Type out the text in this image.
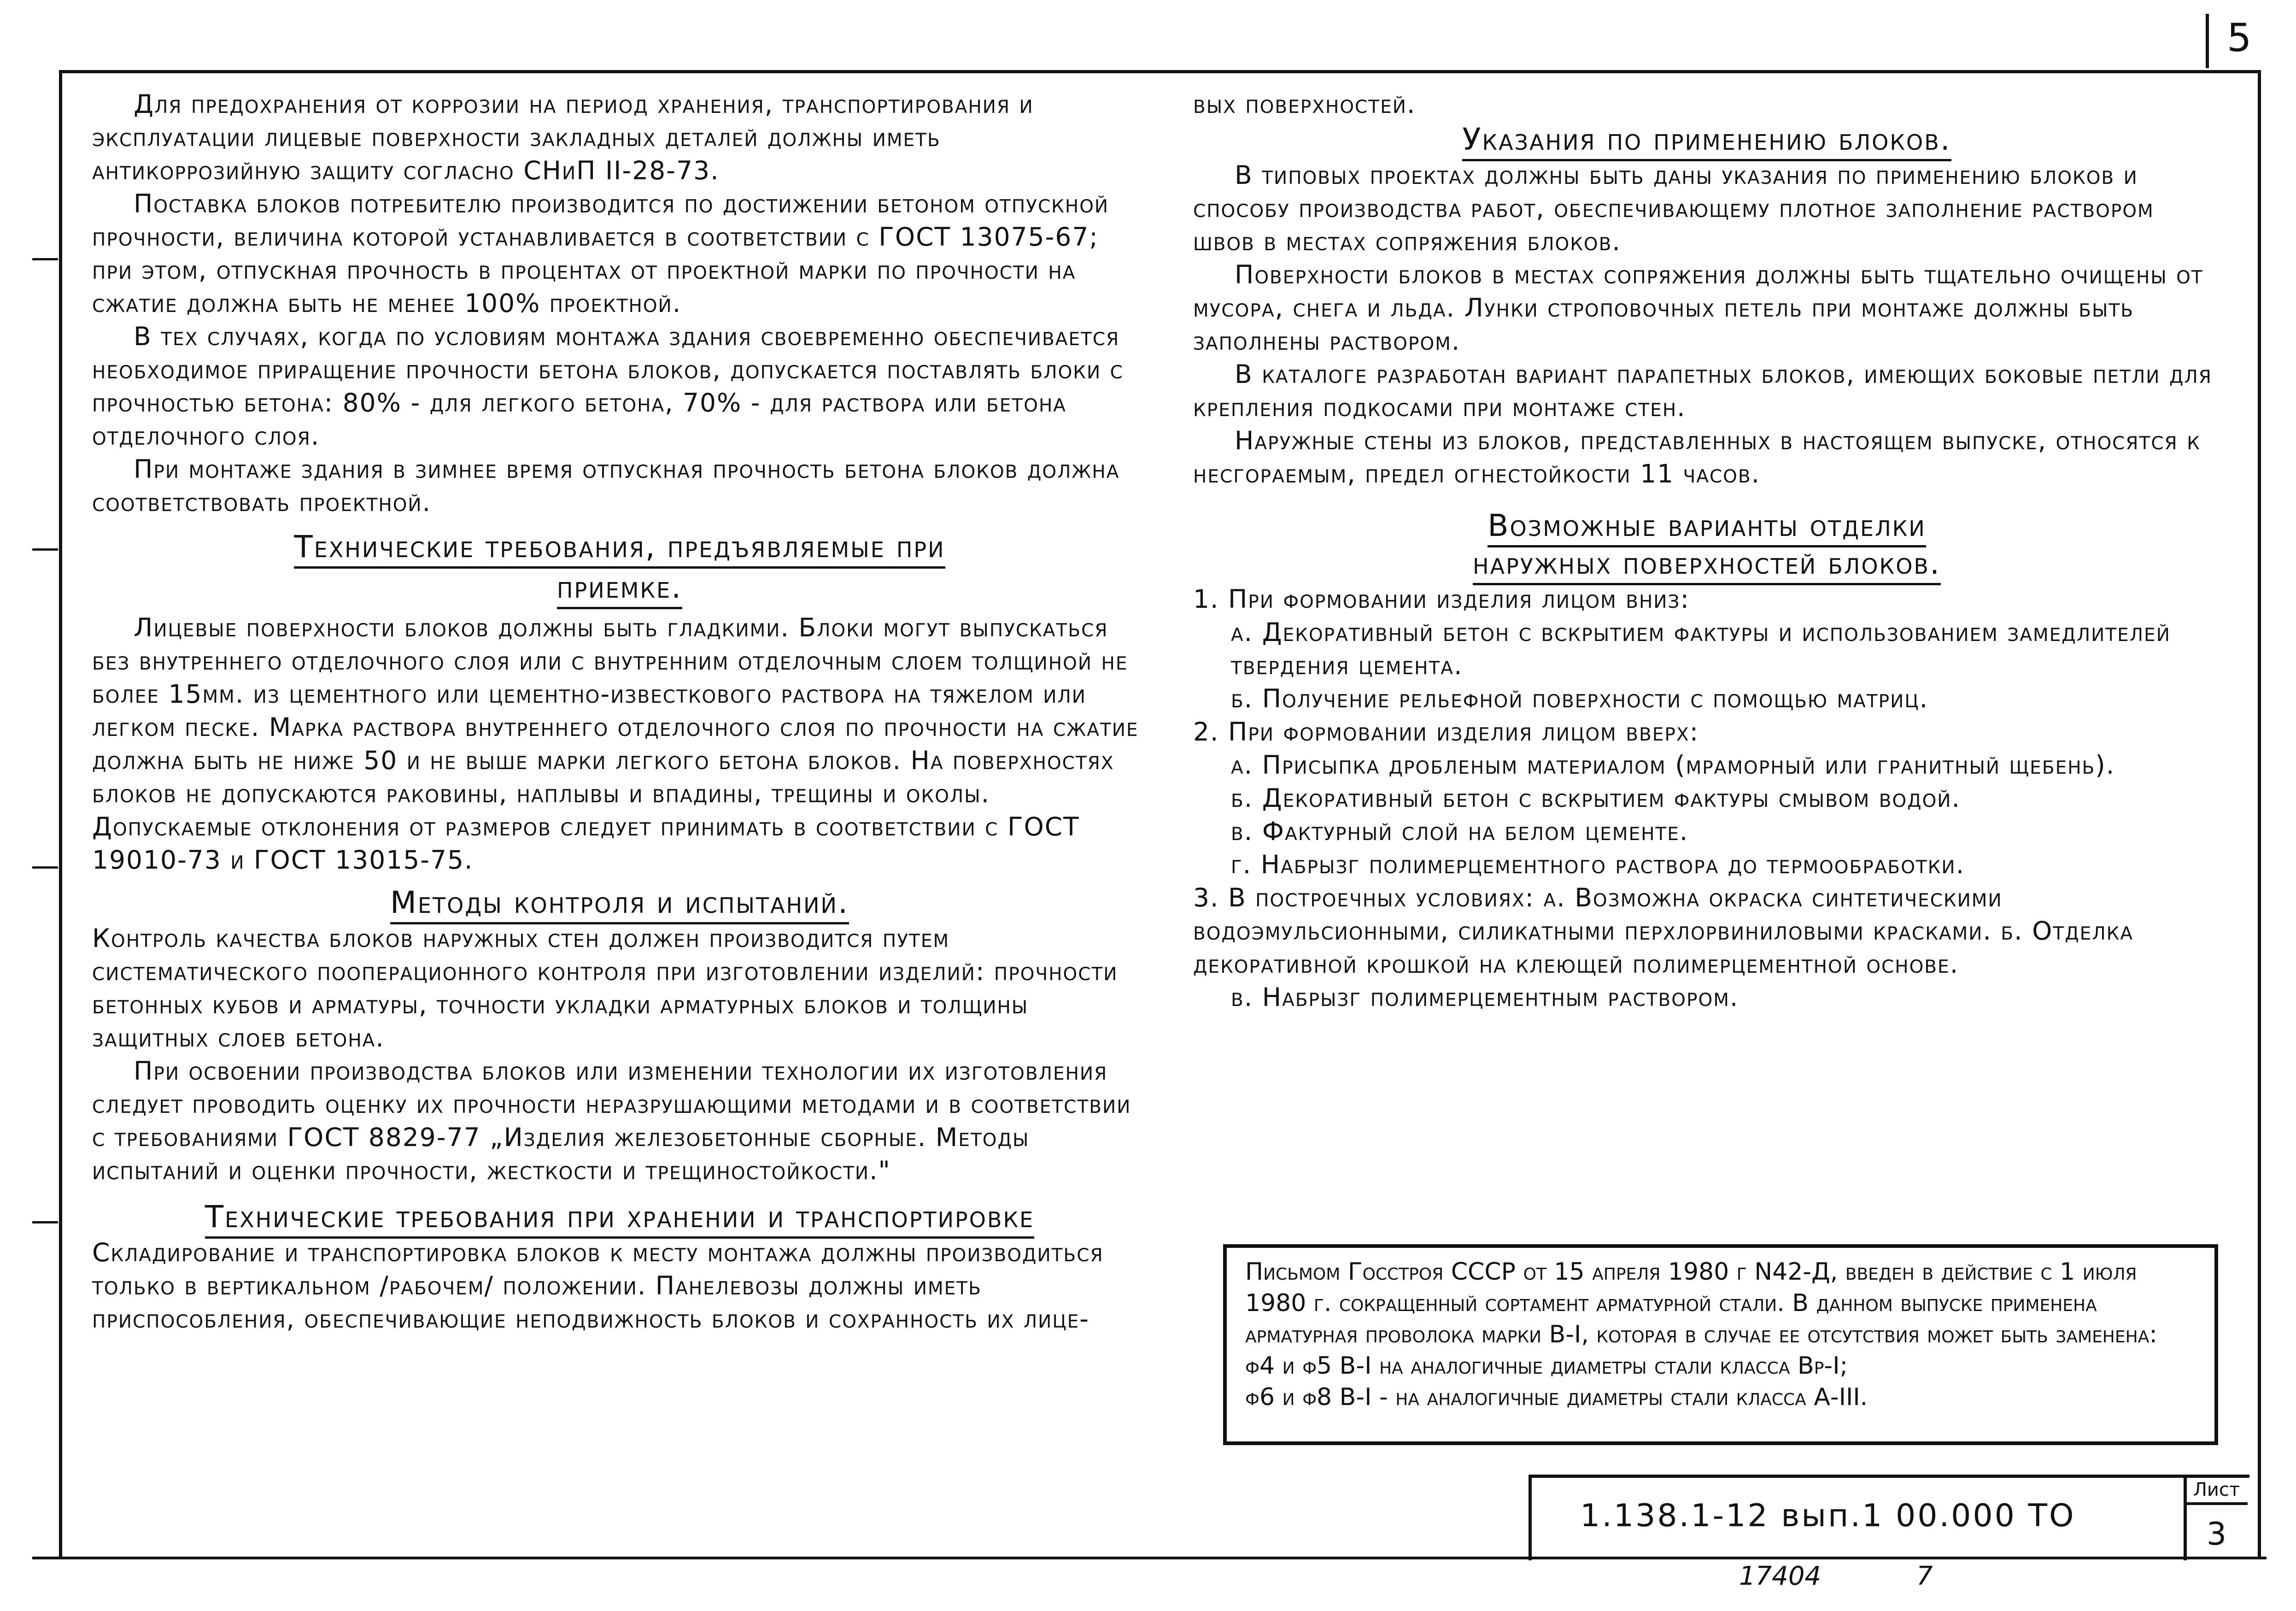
5

Для предохранения от коррозии на период хранения, транспортирования и эксплуатации лицевые поверхности закладных деталей должны иметь антикоррозийную защиту согласно СНиП II-28-73.

Поставка блоков потребителю производится по достижении бетоном отпускной прочности, величина которой устанавливается в соответствии с ГОСТ 13075-67; при этом, отпускная прочность в процентах от проектной марки по прочности на сжатие должна быть не менее 100% проектной.

В тех случаях, когда по условиям монтажа здания своевременно обеспечивается необходимое приращение прочности бетона блоков, допускается поставлять блоки с прочностью бетона: 80% - для легкого бетона, 70% - для раствора или бетона отделочного слоя.

При монтаже здания в зимнее время отпускная прочность бетона блоков должна соответствовать проектной.

Технические требования, предъявляемые при

приемке.

Лицевые поверхности блоков должны быть гладкими. Блоки могут выпускаться без внутреннего отделочного слоя или с внутренним отделочным слоем толщиной не более 15мм. из цементного или цементно-известкового раствора на тяжелом или легком песке. Марка раствора внутреннего отделочного слоя по прочности на сжатие должна быть не ниже 50 и не выше марки легкого бетона блоков. На поверхностях блоков не допускаются раковины, наплывы и впадины, трещины и околы. Допускаемые отклонения от размеров следует принимать в соответствии с ГОСТ 19010-73 и ГОСТ 13015-75.

Методы контроля и испытаний.

Контроль качества блоков наружных стен должен производится путем систематического пооперационного контроля при изготовлении изделий: прочности бетонных кубов и арматуры, точности укладки арматурных блоков и толщины защитных слоев бетона.

При освоении производства блоков или изменении технологии их изготовления следует проводить оценку их прочности неразрушающими методами и в соответствии с требованиями ГОСТ 8829-77 „Изделия железобетонные сборные. Методы испытаний и оценки прочности, жесткости и трещиностойкости."

Технические требования при хранении и транспортировке

Складирование и транспортировка блоков к месту монтажа должны производиться только в вертикальном /рабочем/ положении. Панелевозы должны иметь приспособления, обеспечивающие неподвижность блоков и сохранность их лице-

вых поверхностей.

Указания по применению блоков.

В типовых проектах должны быть даны указания по применению блоков и способу производства работ, обеспечивающему плотное заполнение раствором швов в местах сопряжения блоков.

Поверхности блоков в местах сопряжения должны быть тщательно очищены от мусора, снега и льда. Лунки строповочных петель при монтаже должны быть заполнены раствором.

В каталоге разработан вариант парапетных блоков, имеющих боковые петли для крепления подкосами при монтаже стен.

Наружные стены из блоков, представленных в настоящем выпуске, относятся к несгораемым, предел огнестойкости 11 часов.

Возможные варианты отделки

наружных поверхностей блоков.

1. При формовании изделия лицом вниз:

а. Декоративный бетон с вскрытием фактуры и использованием замедлителей твердения цемента.

б. Получение рельефной поверхности с помощью матриц.

2. При формовании изделия лицом вверх:

а. Присыпка дробленым материалом (мраморный или гранитный щебень).

б. Декоративный бетон с вскрытием фактуры смывом водой.

в. Фактурный слой на белом цементе.

г. Набрызг полимерцементного раствора до термообработки.

3. В построечных условиях: а. Возможна окраска синтетическими водоэмульсионными, силикатными перхлорвиниловыми красками. б. Отделка декоративной крошкой на клеющей полимерцементной основе.

в. Набрызг полимерцементным раствором.

Письмом Госстроя СССР от 15 апреля 1980 г N42-Д, введен в действие с 1 июля 1980 г. сокращенный сортамент арматурной стали. В данном выпуске применена арматурная проволока марки В-I, которая в случае ее отсутствия может быть заменена:
ф4 и ф5 В-I на аналогичные диаметры стали класса Вр-I;
ф6 и ф8 В-I - на аналогичные диаметры стали класса А-III.
1.138.1-12 вып.1 00.000 ТО
Лист
3
17404	7
